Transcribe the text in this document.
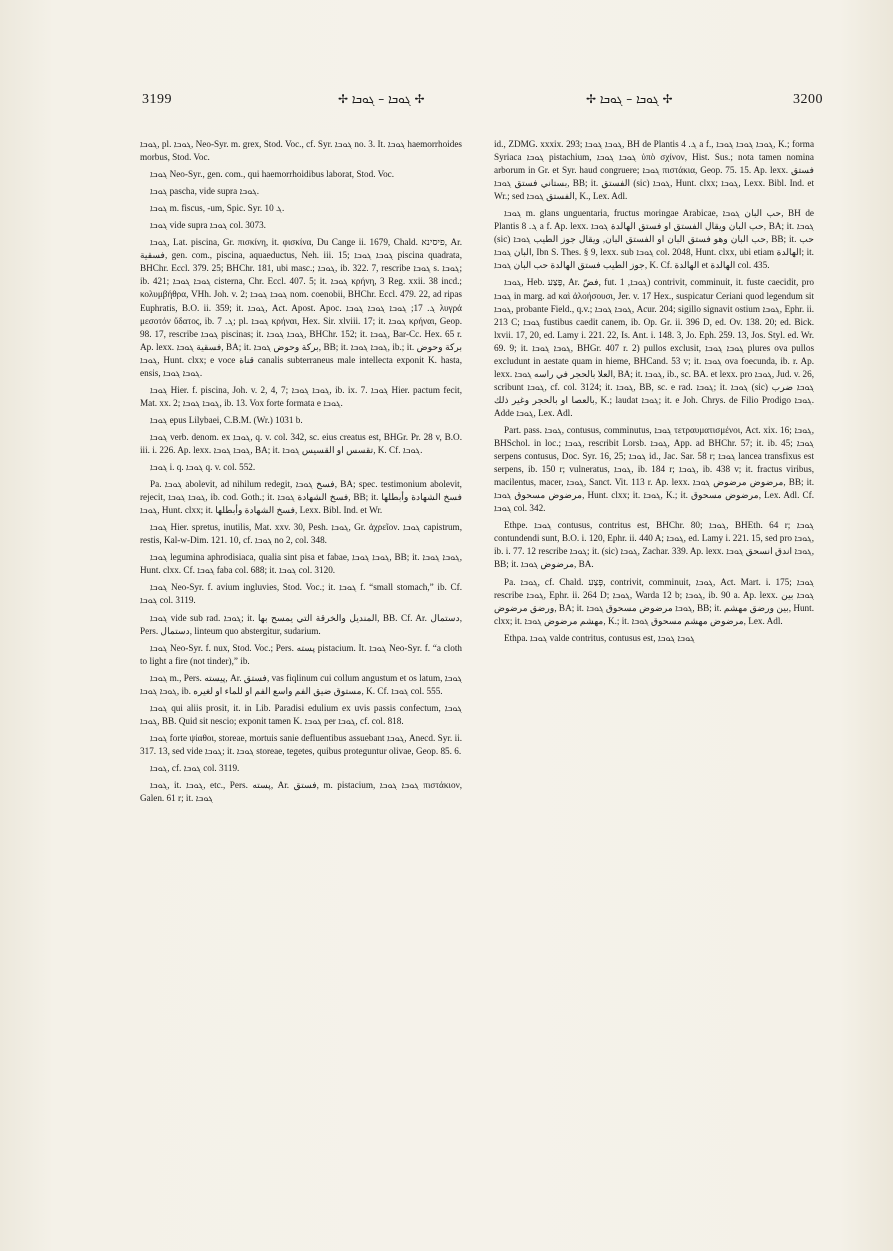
3199	✢ ܓܘܒܐ – ܓܘܒܐ ✢	✢ ܓܘܒܐ – ܓܘܒܐ ✢	3200

ܓܘܒܐ, pl. ܓܘܒܐ, Neo-Syr. m. grex, Stod. Voc., cf. Syr. ܓܘܒܐ no. 3. It. ܓܘܒܐ haemorrhoides morbus, Stod. Voc.

ܓܘܒܐ Neo-Syr., gen. com., qui haemorrhoidibus laborat, Stod. Voc.

ܓܘܒܐ pascha, vide supra ܓܘܒܐ.

ܓܘܒܐ m. fiscus, -um, Spic. Syr. ܓ 10.

ܓܘܒܐ vide supra ܓܘܒܐ col. 3073.

ܓܘܒܐ, Lat. piscina, Gr. πισκίνη, it. φισκίνα, Du Cange ii. 1679, Chald. פיסינא, Ar. فسقية, gen. com., piscina, aquaeductus, Neh. iii. 15; ܓܘܒܐ ܓܘܒܐ piscina quadrata, BHChr. Eccl. 379. 25; BHChr. 181, ubi masc.; ܓܘܒܐ, ib. 322. 7, rescribe ܓܘܒܐ s. ܓܘܒܐ; ib. 421; ܓܘܒܐ ܓܘܒܐ cisterna, Chr. Eccl. 407. 5; it. ܓܘܒܐ κρήνη, 3 Reg. xxii. 38 incd.; κολυμβήθρα, VHh. Joh. v. 2; ܓܘܒܐ ܓܘܒܐ nom. coenobii, BHChr. Eccl. 479. 22, ad ripas Euphratis, B.O. ii. 359; it. ܓܘܒܐ, Act. Apost. Apoc. ܓ. 17; ܓܘܒܐ ܓܘܒܐ ܓܘܒܐ λυγρά μεσοτόν ὕδατος, ib. ܓ. 7; pl. ܓܘܒܐ κρήναι, Hex. Sir. xlviii. 17; it. ܓܘܒܐ κρήναι, Geop. 98. 17, rescribe ܓܘܒܐ piscinas; it. ܓܘܒܐ ܓܘܒܐ, BHChr. 152; it. ܓܘܒܐ, Bar-Cc. Hex. 65 r. Ap. lexx. فسقية ܓܘܒܐ, BA; it. بركة وحوض ܓܘܒܐ, BB; it. ܓܘܒܐ ܓܘܒܐ, ib.; it. بركة وحوض ܓܘܒܐ, Hunt. clxx; e voce قناة canalis subterraneus male intellecta exponit K. hasta, ensis, ܓܘܒܐ ܓܘܒܐ.

ܓܘܒܐ Hier. f. piscina, Joh. v. 2, 4, 7; ܓܘܒܐ ܓܘܒܐ, ib. ix. 7. ܓܘܒܐ Hier. pactum fecit, Mat. xx. 2; ܓܘܒܐ ܓܘܒܐ, ib. 13. Vox forte formata e ܓܘܒܐ.

ܓܘܒܐ epus Lilybaei, C.B.M. (Wr.) 1031 b.

ܓܘܒܐ verb. denom. ex ܓܘܒܐ, q. v. col. 342, sc. eius creatus est, BHGr. Pr. 28 v, B.O. iii. i. 226. Ap. lexx. ܓܘܒܐ ܓܘܒܐ, BA; it. تقسس او القسيس ܓܘܒܐ, K. Cf. ܓܘܒܐ.

ܓܘܒܐ i. q. ܓܘܒܐ q. v. col. 552.

Pa. ܓܘܒܐ abolevit, ad nihilum redegit, فسخ ܓܘܒܐ, BA; spec. testimonium abolevit, rejecit, ܓܘܒܐ ܓܘܒܐ, ib. cod. Goth.; it. فسخ الشهادة ܓܘܒܐ, BB; it. فسخ الشهادة وأبطلها ܓܘܒܐ, Hunt. clxx; it. فسخ الشهادة وأبطلها, Lexx. Bibl. Ind. et Wr.

ܓܘܒܐ Hier. spretus, inutilis, Mat. xxv. 30, Pesh. ܓܘܒܐ, Gr. ἀχρεῖον. ܓܘܒܐ capistrum, restis, Kal-w-Dim. 121. 10, cf. ܓܘܒܐ no 2, col. 348.

ܓܘܒܐ legumina aphrodisiaca, qualia sint pisa et fabae, ܓܘܒܐ ܓܘܒܐ, BB; it. ܓܘܒܐ ܓܘܒܐ, Hunt. clxx. Cf. ܓܘܒܐ faba col. 688; it. ܓܘܒܐ col. 3120.

ܓܘܒܐ Neo-Syr. f. avium ingluvies, Stod. Voc.; it. ܓܘܒܐ f. “small stomach,” ib. Cf. ܓܘܒܐ col. 3119.

ܓܘܒܐ vide sub rad. ܓܘܒܐ; it. المنديل والخرقة التي يمسح بها, BB. Cf. Ar. دستمال, Pers. دستمال, linteum quo abstergitur, sudarium.

ܓܘܒܐ Neo-Syr. f. nux, Stod. Voc.; Pers. پسته pistacium. It. ܓܘܒܐ Neo-Syr. f. “a cloth to light a fire (not tinder),” ib.

ܓܘܒܐ m., Pers. پیسته, Ar. فستق, vas fiqlinum cui collum angustum et os latum, ܓܘܒܐ ܓܘܒܐ ܓܘܒܐ, ib. مستوق ضيق الفم واسع الفم او للماء او لغيره, K. Cf. ܓܘܒܐ col. 555.

ܓܘܒܐ qui aliis prosit, it. in Lib. Paradisi edulium ex uvis passis confectum, ܓܘܒܐ ܓܘܒܐ, BB. Quid sit nescio; exponit tamen K. ܓܘܒܐ per ܓܘܒܐ, cf. col. 818.

ܓܘܒܐ forte ψίαθοι, storeae, mortuis sanie defluentibus assuebant ܓܘܒܐ, Anecd. Syr. ii. 317. 13, sed vide ܓܘܒܐ; it. ܓܘܒܐ storeae, tegetes, quibus proteguntur olivae, Geop. 85. 6.

ܓܘܒܐ, cf. ܓܘܒܐ col. 3119.

ܓܘܒܐ, it. ܓܘܒܐ, etc., Pers. پسته, Ar. فستق, m. pistacium, ܓܘܒܐ ܓܘܒܐ πιστάκιον, Galen. 61 r; it. ܓܘܒܐ

id., ZDMG. xxxix. 293; ܓܘܒܐ ܓܘܒܐ, BH de Plantis ܓ. 4 a f., ܓܘܒܐ ܓܘܒܐ ܓܘܒܐ, K.; forma Syriaca ܓܘܒܐ pistachium, ܓܘܒܐ ܓܘܒܐ ὑπὸ σχίνον, Hist. Sus.; nota tamen nomina arborum in Gr. et Syr. haud congruere; ܓܘܒܐ πιστάκια, Geop. 75. 15. Ap. lexx. فستق بستاني فستق ܓܘܒܐ, BB; it. الفستق (sic) ܓܘܒܐ, Hunt. clxx; ܓܘܒܐ, Lexx. Bibl. Ind. et Wr.; sed الفستق ܓܘܒܐ, K., Lex. Adl.

ܓܘܒܐ m. glans unguentaria, fructus moringae Arabicae, حب البان ܓܘܒܐ, BH de Plantis ܓ. 8 a f. Ap. lexx. حب البان ويقال الفستق او فستق الهالدة ܓܘܒܐ, BA; it. ܓܘܒܐ (sic) حب البان وهو فستق البان او الفستق البان, ويقال جوز الطيب ܓܘܒܐ, BB; it. حب البان ܓܘܒܐ, Ibn S. Thes. § 9, lexx. sub ܓܘܒܐ col. 2048, Hunt. clxx, ubi etiam الهالدة; it. جوز الطيب فستق الهالدة حب البان ܓܘܒܐ, K. Cf. الهالدة et الهالدة col. 435.

ܓܘܒܐ, Heb. פָּצַע, Ar. فضّ, fut. ܓܘܒܐ, 1) contrivit, comminuit, it. fuste caecidit, pro ܓܘܒܐ in marg. ad καὶ ἀλοήσουσι, Jer. v. 17 Hex., suspicatur Ceriani quod legendum sit ܓܘܒܐ, probante Field., q.v.; ܓܘܒܐ ܓܘܒܐ, Acur. 204; sigillo signavit ostium ܓܘܒܐ, Ephr. ii. 213 C; ܓܘܒܐ fustibus caedit canem, ib. Op. Gr. ii. 396 D, ed. Ov. 138. 20; ed. Bick. lxvii. 17, 20, ed. Lamy i. 221. 22, Is. Ant. i. 148. 3, Jo. Eph. 259. 13, Jos. Styl. ed. Wr. 69. 9; it. ܓܘܒܐ ܓܘܒܐ, BHGr. 407 r. 2) pullos exclusit, ܓܘܒܐ ܓܘܒܐ plures ova pullos excludunt in aestate quam in hieme, BHCand. 53 v; it. ܓܘܒܐ ova foecunda, ib. r. Ap. lexx. العلا بالحجر في راسه ܓܘܒܐ, BA; it. ܓܘܒܐ, ib., sc. BA. et lexx. pro ܓܘܒܐ, Jud. v. 26, scribunt ܓܘܒܐ, cf. col. 3124; it. ܓܘܒܐ, BB, sc. e rad. ܓܘܒܐ; it. ܓܘܒܐ (sic) ܓܘܒܐ ضرب بالعصا او بالحجر وغير ذلك, K.; laudat ܓܘܒܐ; it. e Joh. Chrys. de Filio Prodigo ܓܘܒܐ. Adde ܓܘܒܐ, Lex. Adl.

Part. pass. ܓܘܒܐ, contusus, comminutus, ܓܘܒܐ τετραυματισμένοι, Act. xix. 16; ܓܘܒܐ, BHSchol. in loc.; ܓܘܒܐ, rescribit Lorsb. ܓܘܒܐ, App. ad BHChr. 57; it. ib. 45; ܓܘܒܐ serpens contusus, Doc. Syr. 16, 25; ܓܘܒܐ id., Jac. Sar. 58 r; ܓܘܒܐ lancea transfixus est serpens, ib. 150 r; vulneratus, ܓܘܒܐ, ib. 184 r; ܓܘܒܐ, ib. 438 v; it. fractus viribus, macilentus, macer, ܓܘܒܐ, Sanct. Vit. 113 r. Ap. lexx. مرضوض مرضوض ܓܘܒܐ, BB; it. مرضوض مسحوق ܓܘܒܐ, Hunt. clxx; it. ܓܘܒܐ, K.; it. مرضوض مسحوق, Lex. Adl. Cf. ܓܘܒܐ col. 342.

Ethpe. ܓܘܒܐ contusus, contritus est, BHChr. 80; ܓܘܒܐ, BHEth. 64 r; ܓܘܒܐ contundendi sunt, B.O. i. 120, Ephr. ii. 440 A; ܓܘܒܐ, ed. Lamy i. 221. 15, sed pro ܓܘܒܐ, ib. i. 77. 12 rescribe ܓܘܒܐ; it. (sic) ܓܘܒܐ, Zachar. 339. Ap. lexx. ܓܘܒܐ اندق انسحق ܓܘܒܐ, BB; it. مرضوض ܓܘܒܐ, BA.

Pa. ܓܘܒܐ, cf. Chald. פְּצַע, contrivit, comminuit, ܓܘܒܐ, Act. Mart. i. 175; ܓܘܒܐ rescribe ܓܘܒܐ, Ephr. ii. 264 D; ܓܘܒܐ, Warda 12 b; ܓܘܒܐ, ib. 90 a. Ap. lexx. ܓܘܒܐ بين ورضق مرضوض, BA; it. ܓܘܒܐ مرضوض مسحوق ܓܘܒܐ, BB; it. بين ورضق مهشم, Hunt. clxx; it. مهشم مرضوض ܓܘܒܐ, K.; it. مرضوض مهشم مسحوق ܓܘܒܐ, Lex. Adl.

Ethpa. ܓܘܒܐ valde contritus, contusus est, ܓܘܒܐ ܓܘܒܐ
